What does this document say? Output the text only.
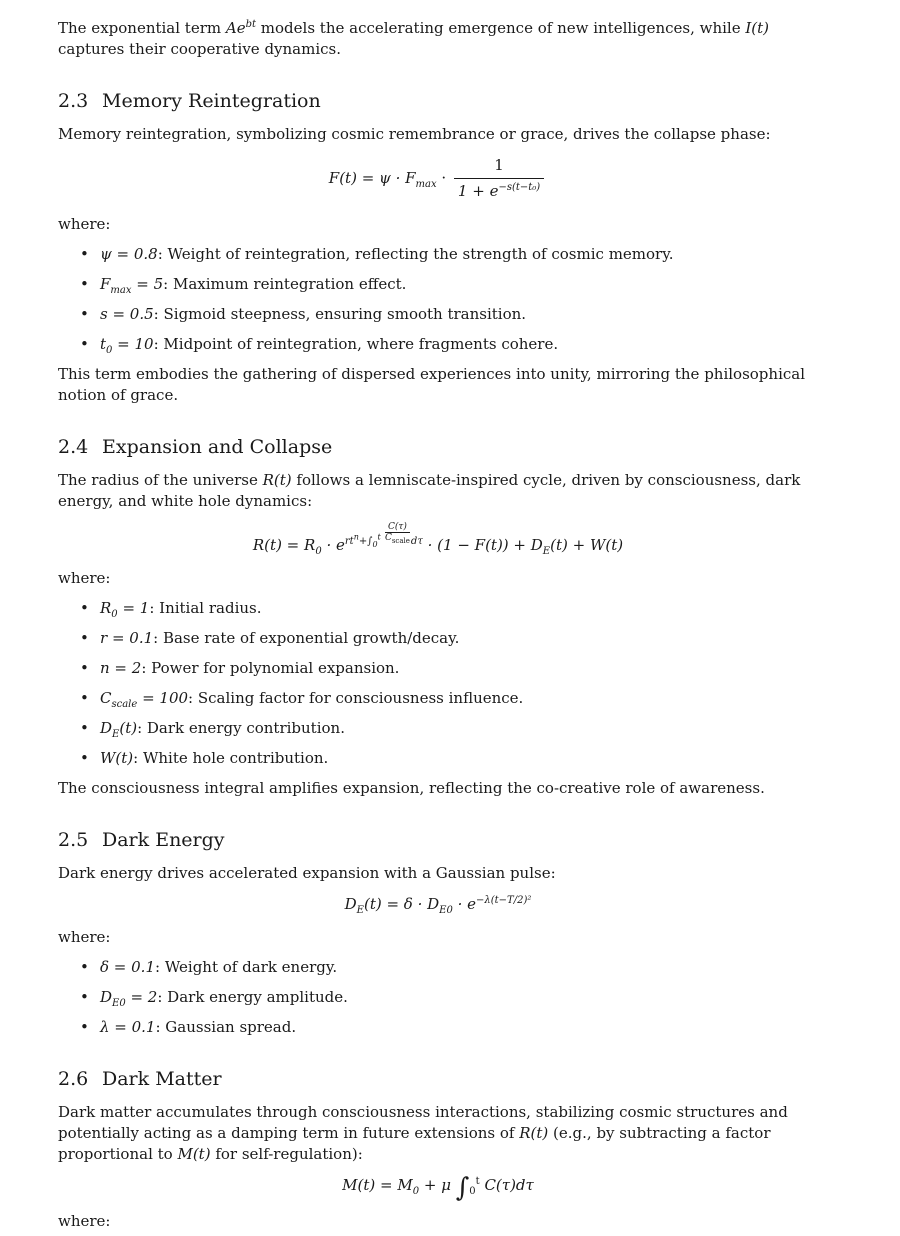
The exponential term $Ae^{bt}$ models the accelerating emergence of new intelligences, while I(t) captures their cooperative dynamics.

2.3 Memory Reintegration

Memory reintegration, symbolizing cosmic remembrance or grace, drives the collapse phase:

$F(t) = \psi \cdot F_{max} \cdot \frac{1}{1 + e^{-s(t-t_0)}}$

where:

• ψ = 0.8: Weight of reintegration, reflecting the strength of cosmic memory.
• $F_{max} = 5$: Maximum reintegration effect.
• s = 0.5: Sigmoid steepness, ensuring smooth transition.
• $t_0 = 10$: Midpoint of reintegration, where fragments cohere.

This term embodies the gathering of dispersed experiences into unity, mirroring the philosophical notion of grace.

2.4 Expansion and Collapse

The radius of the universe R(t) follows a lemniscate-inspired cycle, driven by consciousness, dark energy, and white hole dynamics:

$R(t) = R_0 \cdot e^{rt^n+\int_0^t C(\tau) C_{scale} d\tau} \cdot (1 - F(t)) + D_E(t) + W(t)$

where:

• $R_0 = 1$: Initial radius.
• r = 0.1: Base rate of exponential growth/decay.
• n = 2: Power for polynomial expansion.
• $C_{scale} = 100$: Scaling factor for consciousness influence.
• $D_E(t)$: Dark energy contribution.
• W(t): White hole contribution.

The consciousness integral amplifies expansion, reflecting the co-creative role of awareness.

2.5 Dark Energy

Dark energy drives accelerated expansion with a Gaussian pulse:

$D_E(t) = \delta \cdot D_{E0} \cdot e^{-\lambda(t-T/2)^2}$

where:

• δ = 0.1: Weight of dark energy.
• $D_{E0} = 2$: Dark energy amplitude.
• λ = 0.1: Gaussian spread.
2.6 Dark Matter

Dark matter accumulates through consciousness interactions, stabilizing cosmic structures and potentially acting as a damping term in future extensions of R(t) (e.g., by subtracting a factor proportional to M(t) for self-regulation):

$M(t) = M_0 + \mu$ $\int_0^t$ C(τ)dτ

where:
